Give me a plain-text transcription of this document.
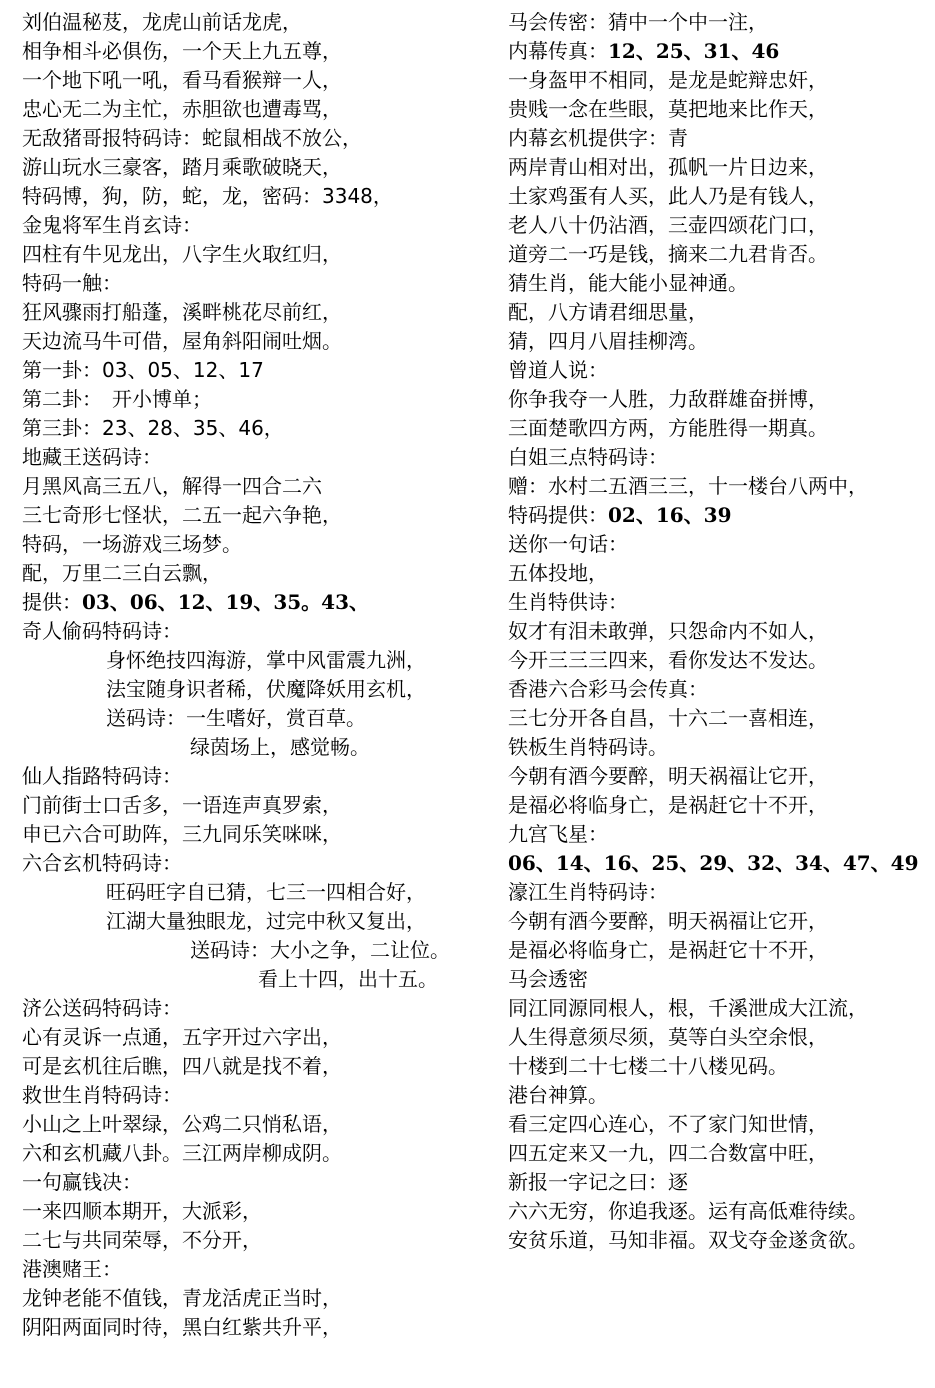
刘伯温秘芨，龙虎山前话龙虎，
相争相斗必俱伤，一个天上九五尊，
一个地下吼一吼，看马看猴辩一人，
忠心无二为主忙，赤胆欲也遭毒骂，
无敌猪哥报特码诗：蛇鼠相战不放公，
游山玩水三豪客，踏月乘歌破晓天，
特码博，狗，防，蛇，龙，密码：3348，
金鬼将军生肖玄诗：
四柱有牛见龙出，八字生火取红归，
特码一触：
狂风骤雨打船蓬，溪畔桃花尽前红，
天边流马牛可借，屋角斜阳闹吐烟。
第一卦：03、05、12、17
第二卦：　开小博单；
第三卦：23、28、35、46，
地藏王送码诗：
月黑风高三五八，解得一四合二六
三七奇形七怪状，二五一起六争艳，
特码，一场游戏三场梦。
配，万里二三白云飘，
提供：03、06、12、19、35。43、
奇人偷码特码诗：
身怀绝技四海游，掌中风雷震九洲，
法宝随身识者稀，伏魔降妖用玄机，
送码诗：一生嗜好，赏百草。
绿茵场上，感觉畅。
仙人指路特码诗：
门前街士口舌多，一语连声真罗索，
申已六合可助阵，三九同乐笑咪咪，
六合玄机特码诗：
旺码旺字自已猜，七三一四相合好，
江湖大量独眼龙，过完中秋又复出，
送码诗：大小之争，二让位。
看上十四，出十五。
济公送码特码诗：
心有灵诉一点通，五字开过六字出，
可是玄机往后瞧，四八就是找不着，
救世生肖特码诗：
小山之上叶翠绿，公鸡二只悄私语，
六和玄机藏八卦。三江两岸柳成阴。
一句赢钱决：
一来四顺本期开，大派彩，
二七与共同荣辱，不分开，
港澳赌王：
龙钟老能不值钱，青龙活虎正当时，
阴阳两面同时待，黑白红紫共升平，
马会传密：猜中一个中一注，
内幕传真：12、25、31、46
一身盔甲不相同，是龙是蛇辩忠奸，
贵贱一念在些眼，莫把地来比作天，
内幕玄机提供字：青
两岸青山相对出，孤帆一片日边来，
土家鸡蛋有人买，此人乃是有钱人，
老人八十仍沾酒，三壶四颂花门口，
道旁二一巧是钱，摘来二九君肯否。
猜生肖，能大能小显神通。
配，八方请君细思量，
猜，四月八眉挂柳湾。
曾道人说：
你争我夺一人胜，力敌群雄奋拼博，
三面楚歌四方两，方能胜得一期真。
白姐三点特码诗：
赠：水村二五酒三三，十一楼台八两中，
特码提供：02、16、39
送你一句话：
五体投地，
生肖特供诗：
奴才有泪未敢弹，只怨命内不如人，
今开三三三四来，看你发达不发达。
香港六合彩马会传真：
三七分开各自昌，十六二一喜相连，
铁板生肖特码诗。
今朝有酒今要醉，明天祸福让它开，
是福必将临身亡，是祸赶它十不开，
九宫飞星：
06、14、16、25、29、32、34、47、49
濠江生肖特码诗：
今朝有酒今要醉，明天祸福让它开，
是福必将临身亡，是祸赶它十不开，
马会透密
同江同源同根人，根，千溪泄成大江流，
人生得意须尽须，莫等白头空余恨，
十楼到二十七楼二十八楼见码。
港台神算。
看三定四心连心，不了家门知世情，
四五定来又一九，四二合数富中旺，
新报一字记之曰：逐
六六无穷，你追我逐。运有高低难待续。
安贫乐道，马知非福。双戈夺金遂贪欲。
